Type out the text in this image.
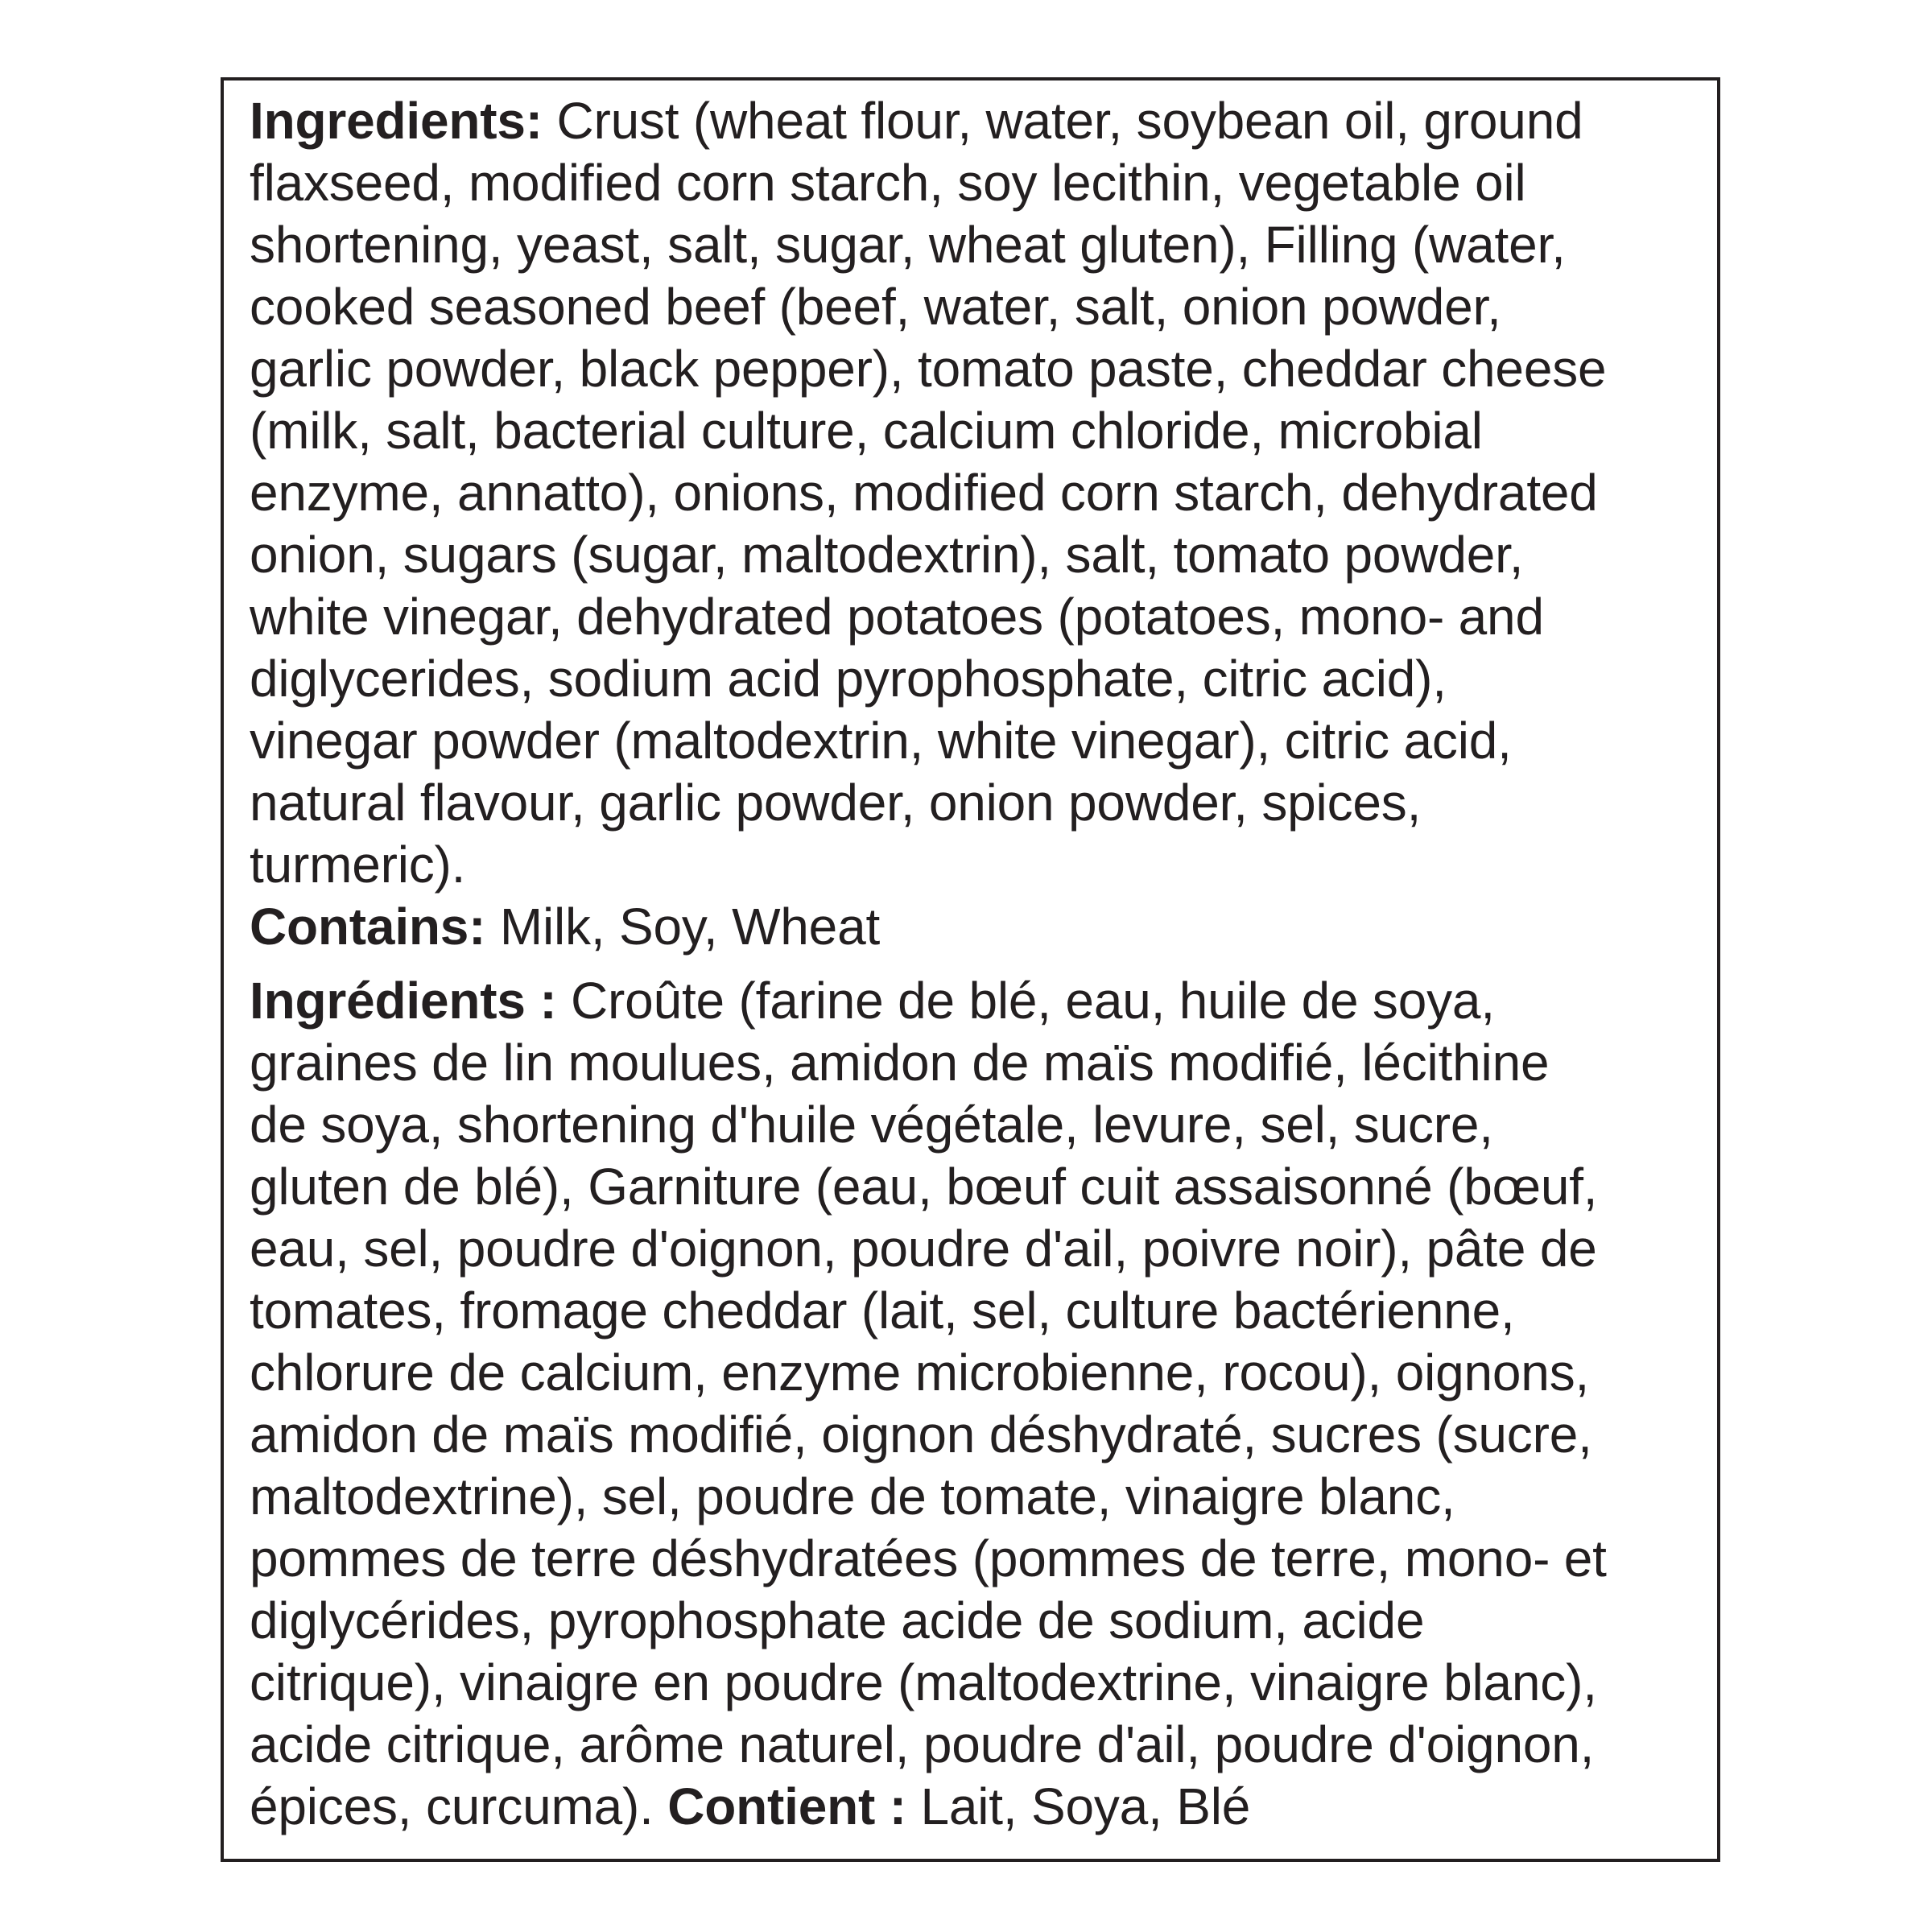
Ingredients: Crust (wheat flour, water, soybean oil, ground
flaxseed, modified corn starch, soy lecithin, vegetable oil
shortening, yeast, salt, sugar, wheat gluten), Filling (water,
cooked seasoned beef (beef, water, salt, onion powder,
garlic powder, black pepper), tomato paste, cheddar cheese
(milk, salt, bacterial culture, calcium chloride, microbial
enzyme, annatto), onions, modified corn starch, dehydrated
onion, sugars (sugar, maltodextrin), salt, tomato powder,
white vinegar, dehydrated potatoes (potatoes, mono- and
diglycerides, sodium acid pyrophosphate, citric acid),
vinegar powder (maltodextrin, white vinegar), citric acid,
natural flavour, garlic powder, onion powder, spices,
turmeric).
Contains: Milk, Soy, Wheat
Ingrédients : Croûte (farine de blé, eau, huile de soya,
graines de lin moulues, amidon de maïs modifié, lécithine
de soya, shortening d'huile végétale, levure, sel, sucre,
gluten de blé), Garniture (eau, bœuf cuit assaisonné (bœuf,
eau, sel, poudre d'oignon, poudre d'ail, poivre noir), pâte de
tomates, fromage cheddar (lait, sel, culture bactérienne,
chlorure de calcium, enzyme microbienne, rocou), oignons,
amidon de maïs modifié, oignon déshydraté, sucres (sucre,
maltodextrine), sel, poudre de tomate, vinaigre blanc,
pommes de terre déshydratées (pommes de terre, mono- et
diglycérides, pyrophosphate acide de sodium, acide
citrique), vinaigre en poudre (maltodextrine, vinaigre blanc),
acide citrique, arôme naturel, poudre d'ail, poudre d'oignon,
épices, curcuma). Contient : Lait, Soya, Blé
